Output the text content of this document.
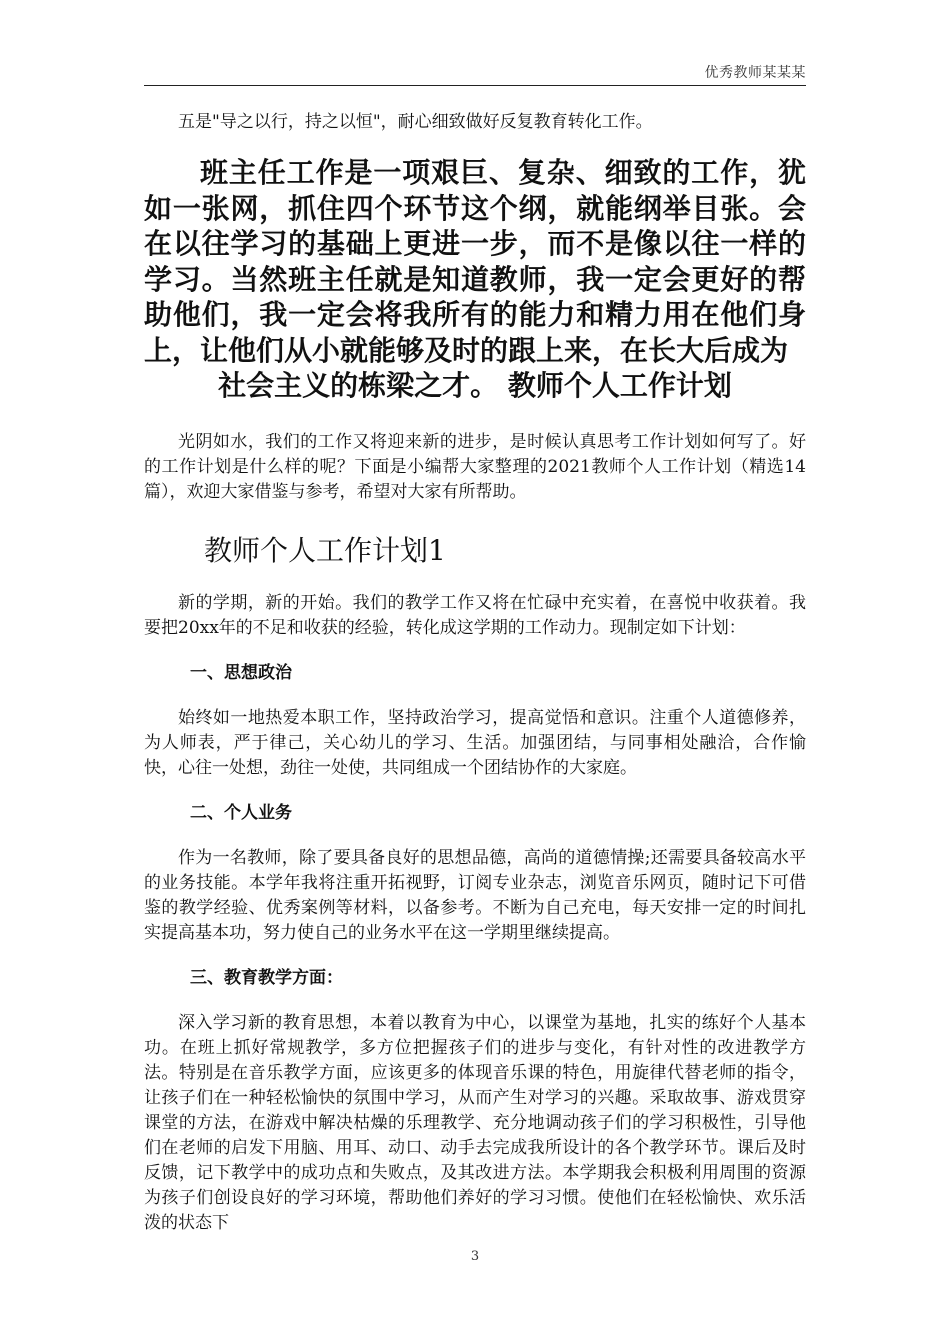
优秀教师某某某

五是"导之以行，持之以恒"，耐心细致做好反复教育转化工作。

班主任工作是一项艰巨、复杂、细致的工作，犹如一张网，抓住四个环节这个纲，就能纲举目张。会在以往学习的基础上更进一步，而不是像以往一样的学习。当然班主任就是知道教师，我一定会更好的帮助他们，我一定会将我所有的能力和精力用在他们身上，让他们从小就能够及时的跟上来，在长大后成为

社会主义的栋梁之才。 教师个人工作计划

光阴如水，我们的工作又将迎来新的进步，是时候认真思考工作计划如何写了。好的工作计划是什么样的呢？下面是小编帮大家整理的2021教师个人工作计划（精选14篇），欢迎大家借鉴与参考，希望对大家有所帮助。

教师个人工作计划1

新的学期，新的开始。我们的教学工作又将在忙碌中充实着，在喜悦中收获着。我要把20xx年的不足和收获的经验，转化成这学期的工作动力。现制定如下计划：

一、思想政治

始终如一地热爱本职工作，坚持政治学习，提高觉悟和意识。注重个人道德修养，为人师表，严于律己，关心幼儿的学习、生活。加强团结，与同事相处融洽，合作愉快，心往一处想，劲往一处使，共同组成一个团结协作的大家庭。

二、个人业务

作为一名教师，除了要具备良好的思想品德，高尚的道德情操;还需要具备较高水平的业务技能。本学年我将注重开拓视野，订阅专业杂志，浏览音乐网页，随时记下可借鉴的教学经验、优秀案例等材料，以备参考。不断为自己充电，每天安排一定的时间扎实提高基本功，努力使自己的业务水平在这一学期里继续提高。

三、教育教学方面：

深入学习新的教育思想，本着以教育为中心，以课堂为基地，扎实的练好个人基本功。在班上抓好常规教学，多方位把握孩子们的进步与变化，有针对性的改进教学方法。特别是在音乐教学方面，应该更多的体现音乐课的特色，用旋律代替老师的指令，让孩子们在一种轻松愉快的氛围中学习，从而产生对学习的兴趣。采取故事、游戏贯穿课堂的方法，在游戏中解决枯燥的乐理教学、充分地调动孩子们的学习积极性，引导他们在老师的启发下用脑、用耳、动口、动手去完成我所设计的各个教学环节。课后及时反馈，记下教学中的成功点和失败点，及其改进方法。本学期我会积极利用周围的资源为孩子们创设良好的学习环境，帮助他们养好的学习习惯。使他们在轻松愉快、欢乐活泼的状态下

3
